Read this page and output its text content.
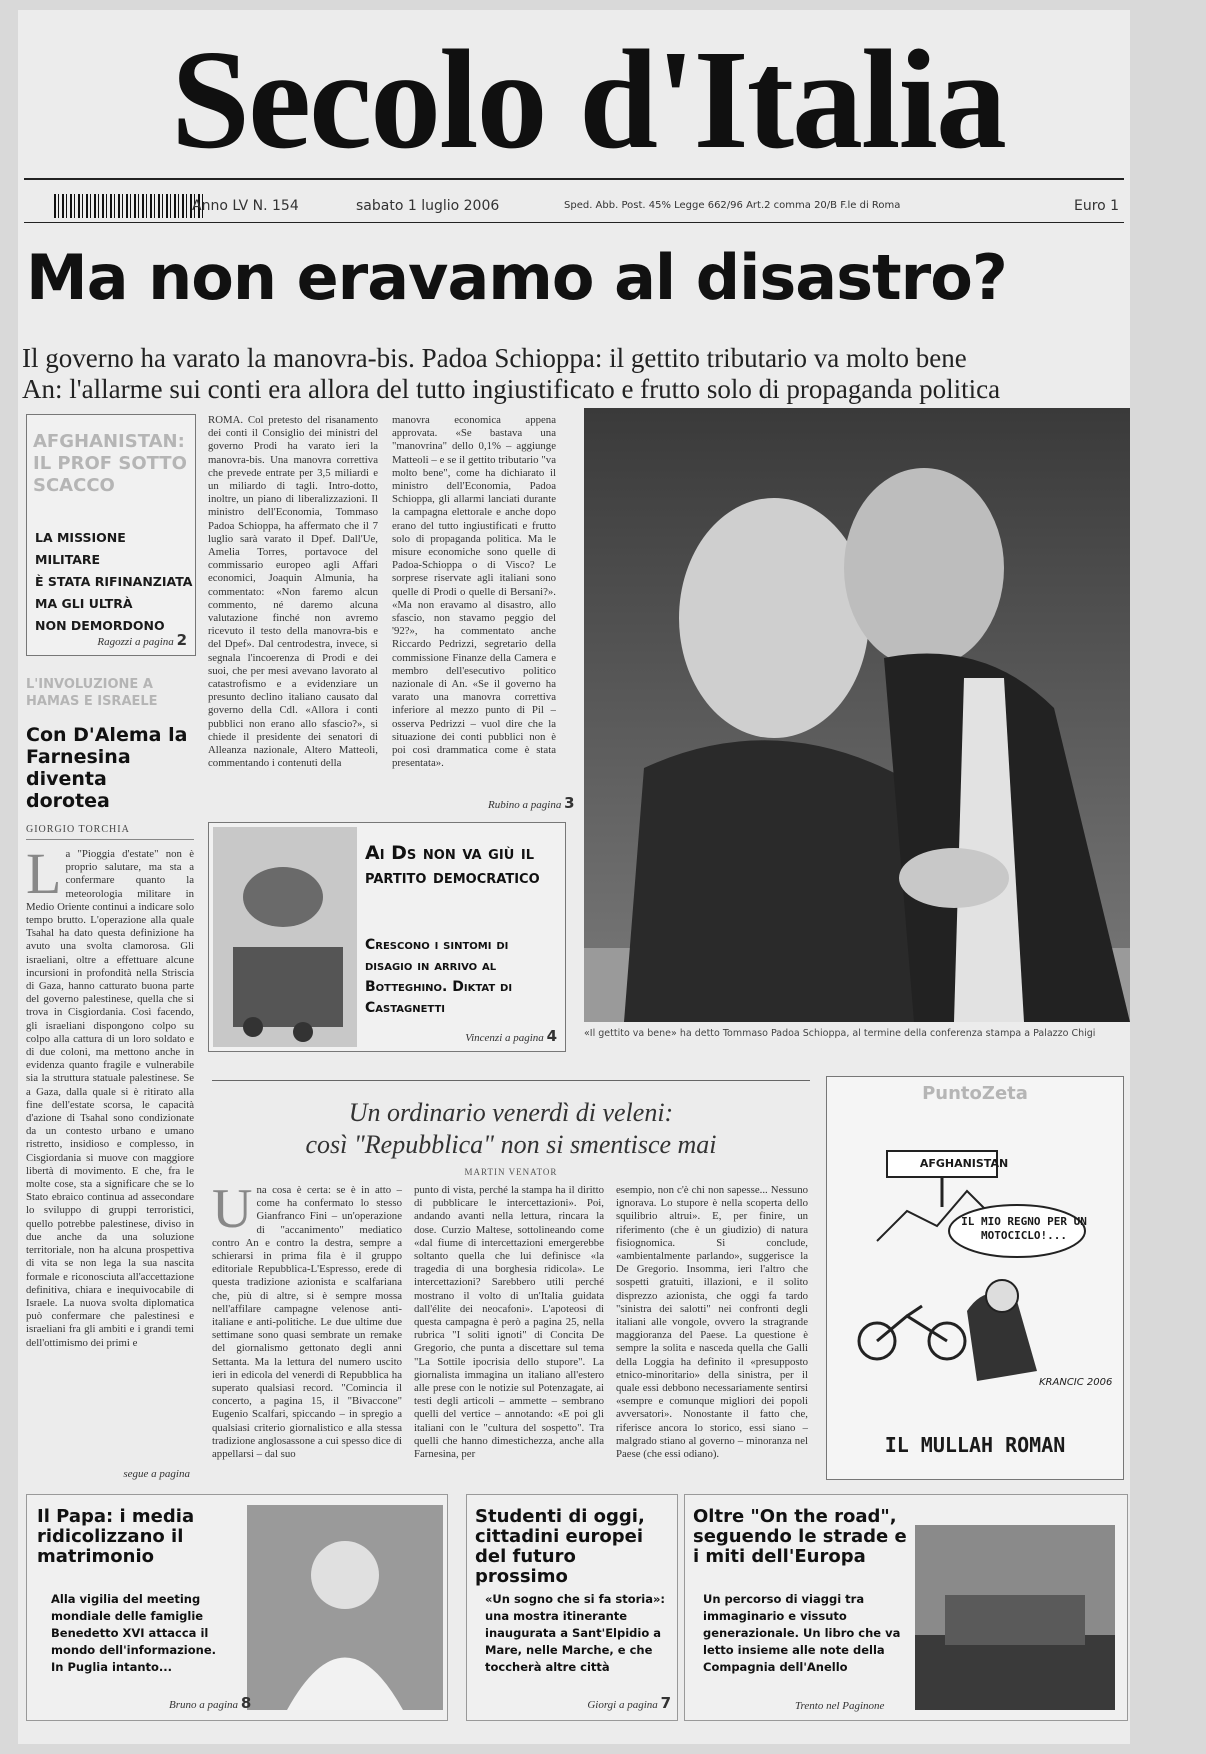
Secolo d'Italia
Anno LV N. 154	sabato 1 luglio 2006	Sped. Abb. Post. 45% Legge 662/96 Art.2 comma 20/B F.le di Roma	Euro 1
Ma non eravamo al disastro?
Il governo ha varato la manovra-bis. Padoa Schioppa: il gettito tributario va molto bene
An: l'allarme sui conti era allora del tutto ingiustificato e frutto solo di propaganda politica
AFGHANISTAN: IL PROF SOTTO SCACCO
LA MISSIONE MILITARE
È STATA RIFINANZIATA
MA GLI ULTRÀ
NON DEMORDONO
Ragozzi a pagina 2
L'INVOLUZIONE A HAMAS E ISRAELE
Con D'Alema la Farnesina diventa dorotea
GIORGIO TORCHIA
La "Pioggia d'estate" non è proprio salutare, ma sta a confermare quanto la meteorologia militare in Medio Oriente continui a indicare solo tempo brutto. L'operazione alla quale Tsahal ha dato questa definizione ha avuto una svolta clamorosa. Gli israeliani, oltre a effettuare alcune incursioni in profondità nella Striscia di Gaza, hanno catturato buona parte del governo palestinese, quella che si trova in Cisgiordania. Così facendo, gli israeliani dispongono colpo su colpo alla cattura di un loro soldato e di due coloni, ma mettono anche in evidenza quanto fragile e vulnerabile sia la struttura statuale palestinese. Se a Gaza, dalla quale si è ritirato alla fine dell'estate scorsa, le capacità d'azione di Tsahal sono condizionate da un contesto urbano e umano ristretto, insidioso e complesso, in Cisgiordania si muove con maggiore libertà di movimento. E che, fra le molte cose, sta a significare che se lo Stato ebraico continua ad assecondare lo sviluppo di gruppi terroristici, quello potrebbe palestinese, diviso in due anche da una soluzione territoriale, non ha alcuna prospettiva di vita se non lega la sua nascita formale e riconosciuta all'accettazione definitiva, chiara e inequivocabile di Israele. La nuova svolta diplomatica può confermare che palestinesi e israeliani fra gli ambiti e i grandi temi dell'ottimismo dei primi e
segue a pagina
ROMA. Col pretesto del risanamento dei conti il Consiglio dei ministri del governo Prodi ha varato ieri la manovra-bis. Una manovra correttiva che prevede entrate per 3,5 miliardi e un miliardo di tagli. Intro-dotto, inoltre, un piano di liberalizzazioni. Il ministro dell'Economia, Tommaso Padoa Schioppa, ha affermato che il 7 luglio sarà varato il Dpef. Dall'Ue, Amelia Torres, portavoce del commissario europeo agli Affari economici, Joaquin Almunia, ha commentato: «Non faremo alcun commento, né daremo alcuna valutazione finché non avremo ricevuto il testo della manovra-bis e del Dpef». Dal centrodestra, invece, si segnala l'incoerenza di Prodi e dei suoi, che per mesi avevano lavorato al catastrofismo e a evidenziare un presunto declino italiano causato dal governo della Cdl. «Allora i conti pubblici non erano allo sfascio?», si chiede il presidente dei senatori di Alleanza nazionale, Altero Matteoli, commentando i contenuti della
manovra economica appena approvata. «Se bastava una "manovrina" dello 0,1% – aggiunge Matteoli – e se il gettito tributario "va molto bene", come ha dichiarato il ministro dell'Economia, Padoa Schioppa, gli allarmi lanciati durante la campagna elettorale e anche dopo erano del tutto ingiustificati e frutto solo di propaganda politica. Ma le misure economiche sono quelle di Padoa-Schioppa o di Visco? Le sorprese riservate agli italiani sono quelle di Prodi o quelle di Bersani?». «Ma non eravamo al disastro, allo sfascio, non stavamo peggio del '92?», ha commentato anche Riccardo Pedrizzi, segretario della commissione Finanze della Camera e membro dell'esecutivo politico nazionale di An. «Se il governo ha varato una manovra correttiva inferiore al mezzo punto di Pil – osserva Pedrizzi – vuol dire che la situazione dei conti pubblici non è poi così drammatica come è stata presentata».
Rubino a pagina 3
«Il gettito va bene» ha detto Tommaso Padoa Schioppa, al termine della conferenza stampa a Palazzo Chigi
Ai Ds non va giù il partito democratico
Crescono i sintomi di disagio in arrivo al Botteghino. Diktat di Castagnetti
Vincenzi a pagina 4
Un ordinario venerdì di veleni:
così "Repubblica" non si smentisce mai
MARTIN VENATOR
Una cosa è certa: se è in atto – come ha confermato lo stesso Gianfranco Fini – un'operazione di "accanimento" mediatico contro An e contro la destra, sempre a schierarsi in prima fila è il gruppo editoriale Repubblica-L'Espresso, erede di questa tradizione azionista e scalfariana che, più di altre, si è sempre mossa nell'affilare campagne velenose anti-italiane e anti-politiche. Le due ultime due settimane sono quasi sembrate un remake del giornalismo gettonato degli anni Settanta. Ma la lettura del numero uscito ieri in edicola del venerdì di Repubblica ha superato qualsiasi record. "Comincia il concerto, a pagina 15, il "Bivaccone" Eugenio Scalfari, spiccando – in spregio a qualsiasi criterio giornalistico e alla stessa tradizione anglosassone a cui spesso dice di appellarsi – dal suo
punto di vista, perché la stampa ha il diritto di pubblicare le intercettazioni». Poi, andando avanti nella lettura, rincara la dose. Curzio Maltese, sottolineando come «dal fiume di intercettazioni emergerebbe soltanto quella che lui definisce «la tragedia di una borghesia ridicola». Le intercettazioni? Sarebbero utili perché mostrano il volto di un'Italia guidata dall'élite dei neocafoni». L'apoteosi di questa campagna è però a pagina 25, nella rubrica "I soliti ignoti" di Concita De Gregorio, che punta a discettare sul tema "La Sottile ipocrisia dello stupore". La giornalista immagina un italiano all'estero alle prese con le notizie sul Potenzagate, ai testi degli articoli – ammette – sembrano quelli del vertice – annotando: «E poi gli italiani con le "cultura del sospetto". Tra quelli che hanno dimestichezza, anche alla Farnesina, per
esempio, non c'è chi non sapesse... Nessuno ignorava. Lo stupore è nella scoperta dello squilibrio altrui». E, per finire, un riferimento (che è un giudizio) di natura fisiognomica. Si conclude, «ambientalmente parlando», suggerisce la De Gregorio. Insomma, ieri l'altro che sospetti gratuiti, illazioni, e il solito disprezzo azionista, che oggi fa tardo "sinistra dei salotti" nei confronti degli italiani alle vongole, ovvero la stragrande maggioranza del Paese. La questione è sempre la solita e nasceda quella che Galli della Loggia ha definito il «presupposto etnico-minoritario» della sinistra, per il quale essi debbono necessariamente sentirsi «sempre e comunque migliori dei popoli avversatori». Nonostante il fatto che, riferisce ancora lo storico, essi siano – malgrado stiano al governo – minoranza nel Paese (che essi odiano).
PuntoZeta
AFGHANISTAN
IL MIO REGNO PER UN MOTOCICLO!...
KRANCIC 2006
IL MULLAH ROMAN
Il Papa: i media ridicolizzano il matrimonio
Alla vigilia del meeting mondiale delle famiglie Benedetto XVI attacca il mondo dell'informazione. In Puglia intanto...
Bruno a pagina 8
Studenti di oggi, cittadini europei del futuro prossimo
«Un sogno che si fa storia»: una mostra itinerante inaugurata a Sant'Elpidio a Mare, nelle Marche, e che toccherà altre città
Giorgi a pagina 7
Oltre "On the road", seguendo le strade e i miti dell'Europa
Un percorso di viaggi tra immaginario e vissuto generazionale. Un libro che va letto insieme alle note della Compagnia dell'Anello
Trento nel Paginone
